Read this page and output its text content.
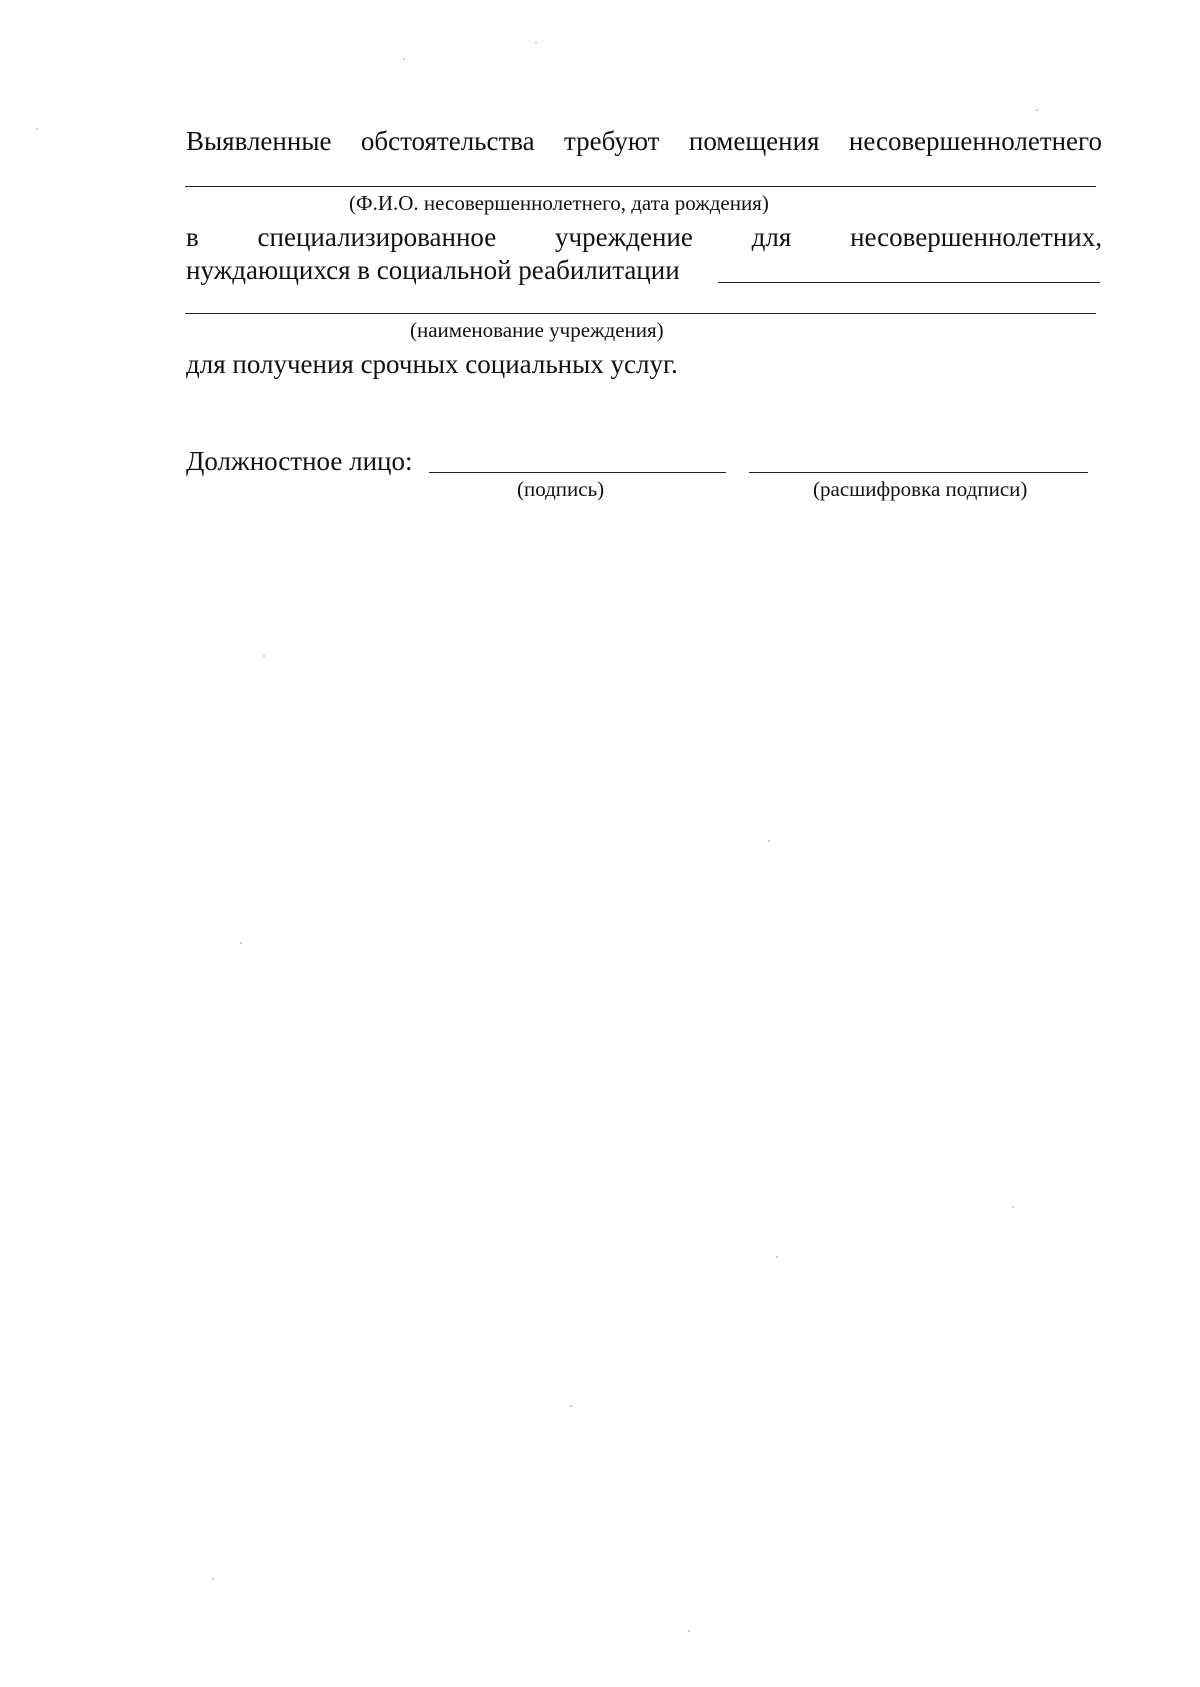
Выявленные обстоятельства требуют помещения несовершеннолетнего
(Ф.И.О. несовершеннолетнего, дата рождения)
в специализированное учреждение для несовершеннолетних,
нуждающихся в социальной реабилитации
(наименование учреждения)
для получения срочных социальных услуг.
Должностное лицо:
(подпись)	(расшифровка подписи)
